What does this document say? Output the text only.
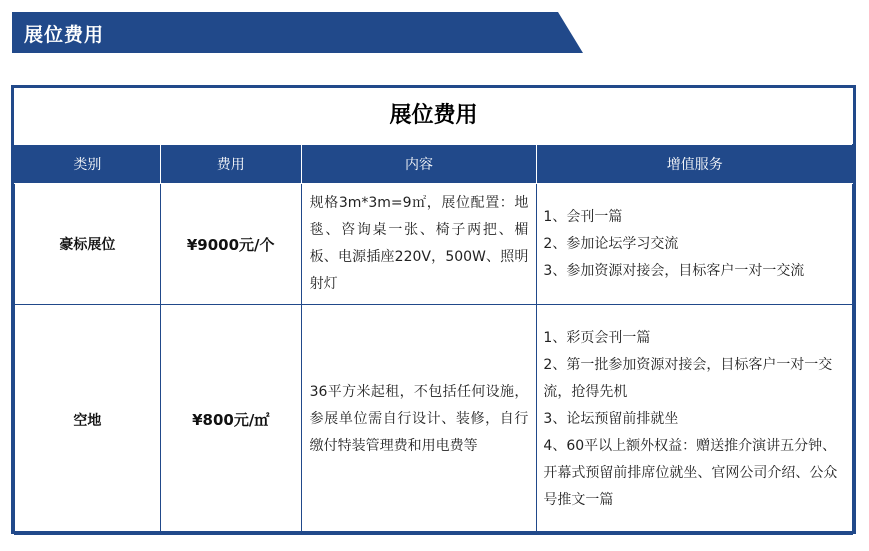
展位费用
展位费用
类别	费用	内容	增值服务
豪标展位	¥9000元/个	规格3m*3m=9㎡，展位配置：地毯、咨询桌一张、椅子两把、楣板、电源插座220V，500W、照明射灯	1、会刊一篇
2、参加论坛学习交流
3、参加资源对接会，目标客户一对一交流

空地	¥800元/㎡	36平方米起租，不包括任何设施，参展单位需自行设计、装修，自行缴付特装管理费和用电费等	1、彩页会刊一篇
2、第一批参加资源对接会，目标客户一对一交流，抢得先机
3、论坛预留前排就坐
4、60平以上额外权益：赠送推介演讲五分钟、开幕式预留前排席位就坐、官网公司介绍、公众号推文一篇
